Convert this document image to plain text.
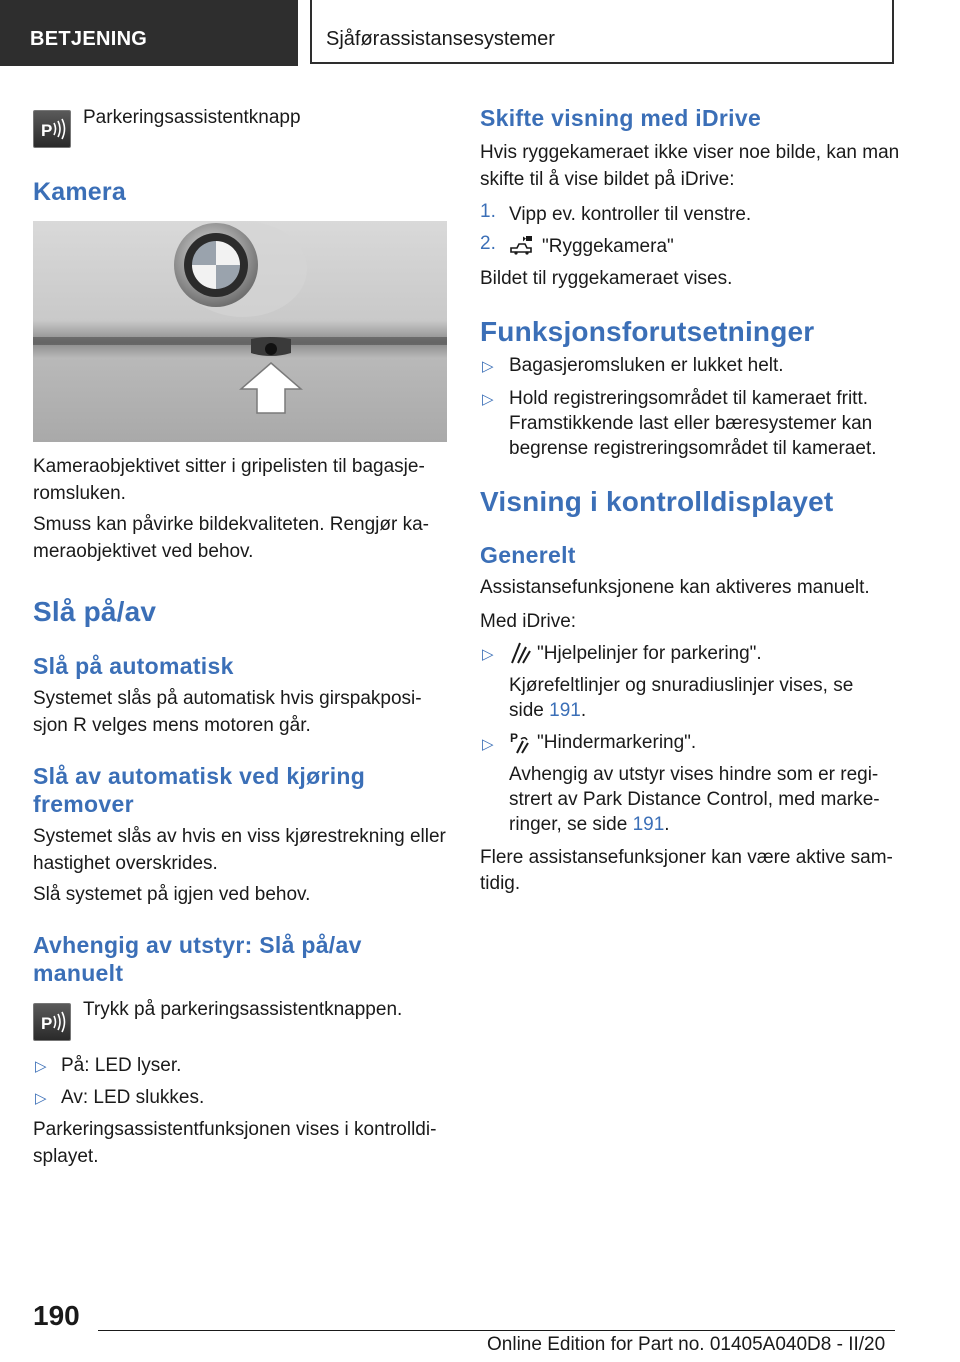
BETJENING	Sjåførassistansesystemer
P

Parkeringsassistentknapp

Kamera

Kameraobjektivet sitter i gripelisten til bagasje-

romsluken.

Smuss kan påvirke bildekvaliteten. Rengjør ka-

meraobjektivet ved behov.

Slå på/av
Slå på automatisk

Systemet slås på automatisk hvis girspakposi-

sjon R velges mens motoren går.

Slå av automatisk ved kjøring
fremover

Systemet slås av hvis en viss kjørestrekning eller

hastighet overskrides.

Slå systemet på igjen ved behov.

Avhengig av utstyr: Slå på/av
manuelt
P

Trykk på parkeringsassistentknappen.

▷ På: LED lyser.

▷ Av: LED slukkes.

Parkeringsassistentfunksjonen vises i kontrolldi-

splayet.

Skifte visning med iDrive

Hvis ryggekameraet ikke viser noe bilde, kan man

skifte til å vise bildet på iDrive:

1. Vipp ev. kontroller til venstre.

2. "Ryggekamera"

Bildet til ryggekameraet vises.

Funksjonsforutsetninger
▷ Bagasjeromsluken er lukket helt.

▷ Hold registreringsområdet til kameraet fritt.

Framstikkende last eller bæresystemer kan

begrense registreringsområdet til kameraet.

Visning i kontrolldisplayet
Generelt

Assistansefunksjonene kan aktiveres manuelt.

Med iDrive:

▷ "Hjelpelinjer for parkering".

Kjørefeltlinjer og snuradiuslinjer vises, se

side 191.

▷ P "Hindermarkering".

Avhengig av utstyr vises hindre som er regi-

strert av Park Distance Control, med marke-

ringer, se side 191.

Flere assistansefunksjoner kan være aktive sam-

tidig.

190
Online Edition for Part no. 01405A040D8 - II/20
